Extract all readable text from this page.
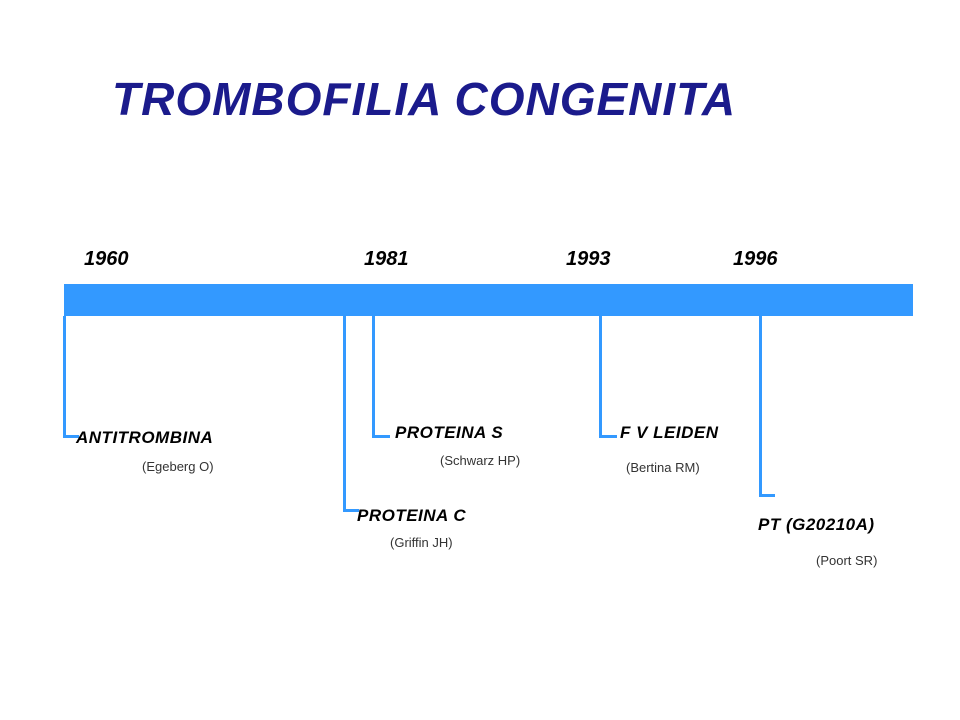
TROMBOFILIA CONGENITA
1960	1981	1993	1996
ANTITROMBINA
(Egeberg O)
PROTEINA C
(Griffin JH)
PROTEINA S
(Schwarz HP)
F V LEIDEN
(Bertina RM)
PT (G20210A)
(Poort SR)
